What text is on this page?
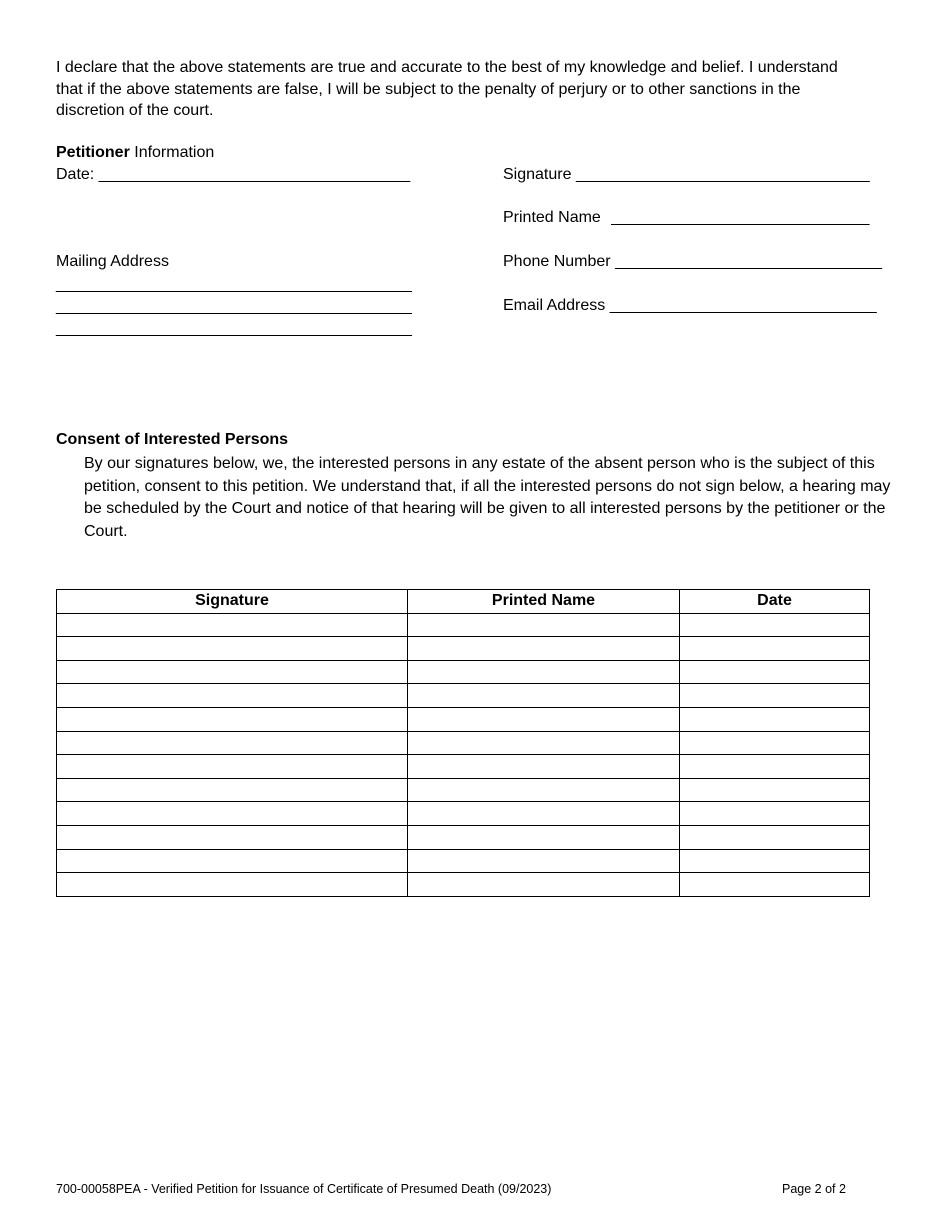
I declare that the above statements are true and accurate to the best of my knowledge and belief. I understand that if the above statements are false, I will be subject to the penalty of perjury or to other sanctions in the discretion of the court.
Petitioner Information
Date: ___________________________________
Mailing Address
________________________________________
________________________________________
________________________________________
Signature _________________________________
Printed Name _____________________________
Phone Number ______________________________
Email Address ______________________________
Consent of Interested Persons
By our signatures below, we, the interested persons in any estate of the absent person who is the subject of this petition, consent to this petition. We understand that, if all the interested persons do not sign below, a hearing may be scheduled by the Court and notice of that hearing will be given to all interested persons by the petitioner or the Court.
Signature	Printed Name	Date

700-00058PEA - Verified Petition for Issuance of Certificate of Presumed Death (09/2023)	Page 2 of 2
